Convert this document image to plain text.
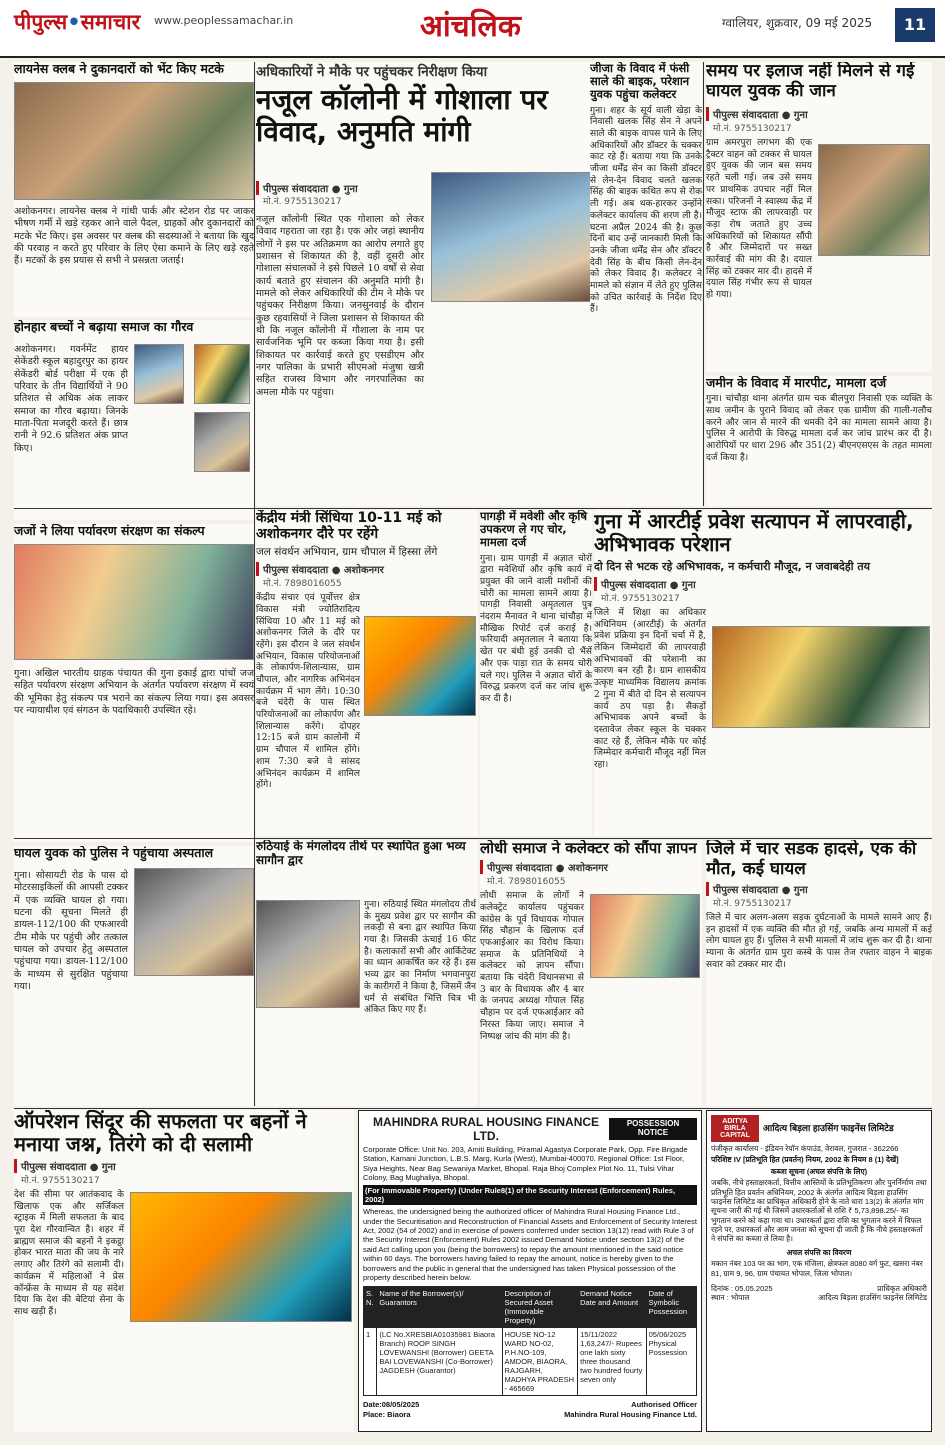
पीपुल्स•समाचार www.peoplessamachar.in	आंचलिक	ग्वालियर, शुक्रवार, 09 मई 2025	11
लायनेस क्लब ने दुकानदारों को भेंट किए मटके
अशोकनगर। लायनेस क्लब ने गांधी पार्क और स्टेशन रोड पर जाकर भीषण गर्मी में खड़े रहकर आने वाले पैदल, ग्राहकों और दुकानदारों को मटके भेंट किए। इस अवसर पर क्लब की सदस्याओं ने बताया कि खुद की परवाह न करते हुए परिवार के लिए ऐसा कमाने के लिए खड़े रहते हैं। मटकों के इस प्रयास से सभी ने प्रसन्नता जताई।
होनहार बच्चों ने बढ़ाया समाज का गौरव
अशोकनगर। गवर्नमेंट हायर सेकेंडरी स्कूल बहादुरपुर का हायर सेकेंडरी बोर्ड परीक्षा में एक ही परिवार के तीन विद्यार्थियों ने 90 प्रतिशत से अधिक अंक लाकर समाज का गौरव बढ़ाया। जिनके माता-पिता मजदूरी करते हैं। छात्र रानी ने 92.6 प्रतिशत अंक प्राप्त किए।
जजों ने लिया पर्यावरण संरक्षण का संकल्प
गुना। अखिल भारतीय ग्राहक पंचायत की गुना इकाई द्वारा पांचों जज सहित पर्यावरण संरक्षण अभियान के अंतर्गत पर्यावरण संरक्षण में स्वयं की भूमिका हेतु संकल्प पत्र भराने का संकल्प लिया गया। इस अवसर पर न्यायाधीश एवं संगठन के पदाधिकारी उपस्थित रहे।
घायल युवक को पुलिस ने पहुंचाया अस्पताल
गुना। सोसायटी रोड के पास दो मोटरसाइकिलों की आपसी टक्कर में एक व्यक्ति घायल हो गया। घटना की सूचना मिलते ही डायल-112/100 की एफआरवी टीम मौके पर पहुंची और तत्काल घायल को उपचार हेतु अस्पताल पहुंचाया गया। डायल-112/100 के माध्यम से सुरक्षित पहुंचाया गया।
अधिकारियों ने मौके पर पहुंचकर निरीक्षण किया
नजूल कॉलोनी में गोशाला पर विवाद, अनुमति मांगी
पीपुल्स संवाददाता ● गुना
मो.नं. 9755130217
नजूल कॉलोनी स्थित एक गोशाला को लेकर विवाद गहराता जा रहा है। एक ओर जहां स्थानीय लोगों ने इस पर अतिक्रमण का आरोप लगाते हुए प्रशासन से शिकायत की है, वहीं दूसरी ओर गोशाला संचालकों ने इसे पिछले 10 वर्षों से सेवा कार्य बताते हुए संचालन की अनुमति मांगी है। मामले को लेकर अधिकारियों की टीम ने मौके पर पहुंचकर निरीक्षण किया। जनसुनवाई के दौरान कुछ रहवासियों ने जिला प्रशासन से शिकायत की थी कि नजूल कॉलोनी में गौशाला के नाम पर सार्वजनिक भूमि पर कब्जा किया गया है। इसी शिकायत पर कार्रवाई करते हुए एसडीएम और नगर पालिका के प्रभारी सीएमओ मंजुषा खत्री सहित राजस्व विभाग और नगरपालिका का अमला मौके पर पहुंचा।
जीजा के विवाद में फंसी साले की बाइक, परेशान युवक पहुंचा कलेक्टर
गुना। शहर के सूर्य वाली खेड़ा के निवासी खलक सिंह सेन ने अपने साले की बाइक वापस पाने के लिए अधिकारियों और डॉक्टर के चक्कर काट रहे हैं। बताया गया कि उनके जीजा धर्मेंद्र सेन का किसी डॉक्टर से लेन-देन विवाद चलते खलक सिंह की बाइक कथित रूप से रोक ली गई। अब थक-हारकर उन्होंने कलेक्टर कार्यालय की शरण ली है। घटना अप्रैल 2024 की है। कुछ दिनों बाद उन्हें जानकारी मिली कि उनके जीजा धर्मेंद्र सेन और डॉक्टर देवी सिंह के बीच किसी लेन-देन को लेकर विवाद है। कलेक्टर ने मामले को संज्ञान में लेते हुए पुलिस को उचित कार्रवाई के निर्देश दिए हैं।
समय पर इलाज नहीं मिलने से गई घायल युवक की जान
पीपुल्स संवाददाता ● गुना
मो.नं. 9755130217
ग्राम अमरपुरा लगभग की एक ट्रैक्टर वाहन को टक्कर से घायल हुए युवक की जान बस समय रहते चली गई। जब उसे समय पर प्राथमिक उपचार नहीं मिल सका। परिजनों ने स्वास्थ्य केंद्र में मौजूद स्टाफ की लापरवाही पर कड़ा रोष जताते हुए उच्च अधिकारियों को शिकायत सौंपी है और जिम्मेदारों पर सख्त कार्रवाई की मांग की है। दयाल सिंह को टक्कर मार दी। हादसे में दयाल सिंह गंभीर रूप से घायल हो गया।
जमीन के विवाद में मारपीट, मामला दर्ज
गुना। चांचौड़ा थाना अंतर्गत ग्राम चक बीलपुरा निवासी एक व्यक्ति के साथ जमीन के पुराने विवाद को लेकर एक ग्रामीण की गाली-गलौच करने और जान से मारने की धमकी देने का मामला सामने आया है। पुलिस ने आरोपी के विरुद्ध मामला दर्ज कर जांच प्रारंभ कर दी है। आरोपियों पर धारा 296 और 351(2) बीएनएसएस के तहत मामला दर्ज किया है।
केंद्रीय मंत्री सिंधिया 10-11 मई को अशोकनगर दौरे पर रहेंगे
जल संवर्धन अभियान, ग्राम चौपाल में हिस्सा लेंगे
पीपुल्स संवाददाता ● अशोकनगर
मो.नं. 7898016055
केंद्रीय संचार एवं पूर्वोत्तर क्षेत्र विकास मंत्री ज्योतिरादित्य सिंधिया 10 और 11 मई को अशोकनगर जिले के दौरे पर रहेंगे। इस दौरान वे जल संवर्धन अभियान, विकास परियोजनाओं के लोकार्पण-शिलान्यास, ग्राम चौपाल, और नागरिक अभिनंदन कार्यक्रम में भाग लेंगे। 10:30 बजे चंदेरी के पास स्थित परियोजनाओं का लोकार्पण और शिलान्यास करेंगे। दोपहर 12:15 बजे ग्राम कालोनी में ग्राम चौपाल में शामिल होंगे। शाम 7:30 बजे वे सांसद अभिनंदन कार्यक्रम में शामिल होंगे।
पागड़ी में मवेशी और कृषि उपकरण ले गए चोर, मामला दर्ज
गुना। ग्राम पागड़ी में अज्ञात चोरों द्वारा मवेशियों और कृषि कार्य में प्रयुक्त की जाने वाली मशीनों की चोरी का मामला सामने आया है। पागड़ी निवासी अमृतलाल पुत्र नंदराम मैनावत ने थाना चांचौड़ा में मौखिक रिपोर्ट दर्ज कराई है। फरियादी अमृतलाल ने बताया कि खेत पर बंधी हुई उनकी दो भैंसें और एक पाड़ा रात के समय चोरी चले गए। पुलिस ने अज्ञात चोरों के विरुद्ध प्रकरण दर्ज कर जांच शुरू कर दी है।
गुना में आरटीई प्रवेश सत्यापन में लापरवाही, अभिभावक परेशान
दो दिन से भटक रहे अभिभावक, न कर्मचारी मौजूद, न जवाबदेही तय
पीपुल्स संवाददाता ● गुना
मो.नं. 9755130217
जिले में शिक्षा का अधिकार अधिनियम (आरटीई) के अंतर्गत प्रवेश प्रक्रिया इन दिनों चर्चा में है, लेकिन जिम्मेदारों की लापरवाही अभिभावकों की परेशानी का कारण बन रही है। ग्राम शासकीय उत्कृष्ट माध्यमिक विद्यालय क्रमांक 2 गुना में बीते दो दिन से सत्यापन कार्य ठप पड़ा है। सैकड़ों अभिभावक अपने बच्चों के दस्तावेज लेकर स्कूल के चक्कर काट रहे हैं, लेकिन मौके पर कोई जिम्मेदार कर्मचारी मौजूद नहीं मिल रहा।
रुठियाई के मंगलोदय तीर्थ पर स्थापित हुआ भव्य सागौन द्वार
गुना। रुठियाई स्थित मंगलोदय तीर्थ के मुख्य प्रवेश द्वार पर सागौन की लकड़ी से बना द्वार स्थापित किया गया है। जिसकी ऊंचाई 16 फीट है। कलाकारों सभी और आर्किटेक्ट का ध्यान आकर्षित कर रहे हैं। इस भव्य द्वार का निर्माण भगवानपुरा के कारीगरों ने किया है, जिसमें जैन धर्म से संबंधित भित्ति चित्र भी अंकित किए गए हैं।
लोधी समाज ने कलेक्टर को सौंपा ज्ञापन
पीपुल्स संवाददाता ● अशोकनगर
मो.नं. 7898016055
लोधी समाज के लोगों ने कलेक्ट्रेट कार्यालय पहुंचकर कांग्रेस के पूर्व विधायक गोपाल सिंह चौहान के खिलाफ दर्ज एफआईआर का विरोध किया। समाज के प्रतिनिधियों ने कलेक्टर को ज्ञापन सौंपा। बताया कि चंदेरी विधानसभा से 3 बार के विधायक और 4 बार के जनपद अध्यक्ष गोपाल सिंह चौहान पर दर्ज एफआईआर को निरस्त किया जाए। समाज ने निष्पक्ष जांच की मांग की है।
जिले में चार सडक हादसे, एक की मौत, कई घायल
पीपुल्स संवाददाता ● गुना
मो.नं. 9755130217
जिले में चार अलग-अलग सड़क दुर्घटनाओं के मामले सामने आए हैं। इन हादसों में एक व्यक्ति की मौत हो गई, जबकि अन्य मामलों में कई लोग घायल हुए हैं। पुलिस ने सभी मामलों में जांच शुरू कर दी है। थाना म्याना के अंतर्गत ग्राम पुरा कस्बे के पास तेज रफ्तार वाहन ने बाइक सवार को टक्कर मार दी।
ऑपरेशन सिंदूर की सफलता पर बहनों ने मनाया जश्न, तिरंगे को दी सलामी
पीपुल्स संवाददाता ● गुना
मो.नं. 9755130217
देश की सीमा पर आतंकवाद के खिलाफ एक और सर्जिकल स्ट्राइक में मिली सफलता के बाद पूरा देश गौरवान्वित है। शहर में ब्राह्मण समाज की बहनों ने इकट्ठा होकर भारत माता की जय के नारे लगाए और तिरंगे को सलामी दी। कार्यक्रम में महिलाओं ने प्रेस कॉन्फ्रेंस के माध्यम से यह संदेश दिया कि देश की बेटियां सेना के साथ खड़ी हैं।
MAHINDRA RURAL HOUSING FINANCE LTD.
POSSESSION NOTICE
Corporate Office: Unit No. 203, Amiti Building, Piramal Agastya Corporate Park, Opp. Fire Brigade Station, Kamani Junction, L.B.S. Marg, Kurla (West), Mumbai-400070. Regional Office: 1st Floor, Siya Heights, Near Bag Sewaniya Market, Bhopal. Raja Bhoj Complex Plot No. 11, Tulsi Vihar Colony, Bag Mughaliya, Bhopal.
(For Immovable Property) (Under Rule8(1) of the Security Interest (Enforcement) Rules, 2002)
Whereas, the undersigned being the authorized officer of Mahindra Rural Housing Finance Ltd., under the Securitisation and Reconstruction of Financial Assets and Enforcement of Security Interest Act, 2002 (54 of 2002) and in exercise of powers conferred under section 13(12) read with Rule 3 of the Security Interest (Enforcement) Rules 2002 issued Demand Notice under section 13(2) of the said Act calling upon you (being the borrowers) to repay the amount mentioned in the said notice within 60 days. The borrowers having failed to repay the amount, notice is hereby given to the borrowers and the public in general that the undersigned has taken Physical possession of the property described herein below.
S. N.	Name of the Borrower(s)/ Guarantors	Description of Secured Asset (Immovable Property)	Demand Notice Date and Amount	Date of Symbolic Possession
1	(LC No.XRESBIA01035981 Biaora Branch) ROOP SINGH LOVEWANSHI (Borrower) GEETA BAI LOVEWANSHI (Co-Borrower) JAGDESH (Guarantor)	HOUSE NO-12 WARD NO-02, P.H.NO-109, AMDOR, BIAORA, RAJGARH, MADHYA PRADESH - 465669	15/11/2022 1,63,247/- Rupees one lakh sixty three thousand two hundred fourty seven only	05/06/2025 Physical Possession
Date:08/05/2025
Place: Biaora
Authorised Officer
Mahindra Rural Housing Finance Ltd.
ADITYA BIRLA CAPITAL
आदित्य बिड़ला हाउसिंग फाइनेंस लिमिटेड
पंजीकृत कार्यालय - इंडियन रेयॉन कंपाउंड, वेरावल, गुजरात - 362266
परिशिष्ट IV [प्रतिभूति हित (प्रवर्तन) नियम, 2002 के नियम 8 (1) देखें]
कब्जा सूचना (अचल संपत्ति के लिए)
जबकि, नीचे हस्ताक्षरकर्ता, वित्तीय आस्तियों के प्रतिभूतिकरण और पुनर्निर्माण तथा प्रतिभूति हित प्रवर्तन अधिनियम, 2002 के अंतर्गत आदित्य बिड़ला हाउसिंग फाइनेंस लिमिटेड का प्राधिकृत अधिकारी होने के नाते धारा 13(2) के अंतर्गत मांग सूचना जारी की गई थी जिसमें उधारकर्ताओं से राशि ₹ 5,73,898.25/- का भुगतान करने को कहा गया था। उधारकर्ता द्वारा राशि का भुगतान करने में विफल रहने पर, उधारकर्ता और आम जनता को सूचना दी जाती है कि नीचे हस्ताक्षरकर्ता ने संपत्ति का कब्जा ले लिया है।
अचल संपत्ति का विवरण
मकान नंबर 103 पर का भाग, एक मंजिला, क्षेत्रफल 8080 वर्ग फुट, खसरा नंबर 81, ग्राम 9, 96, ग्राम पंचायत भोपाल, जिला भोपाल।
दिनांक : 05.05.2025
स्थान : भोपाल
प्राधिकृत अधिकारी
आदित्य बिड़ला हाउसिंग फाइनेंस लिमिटेड
